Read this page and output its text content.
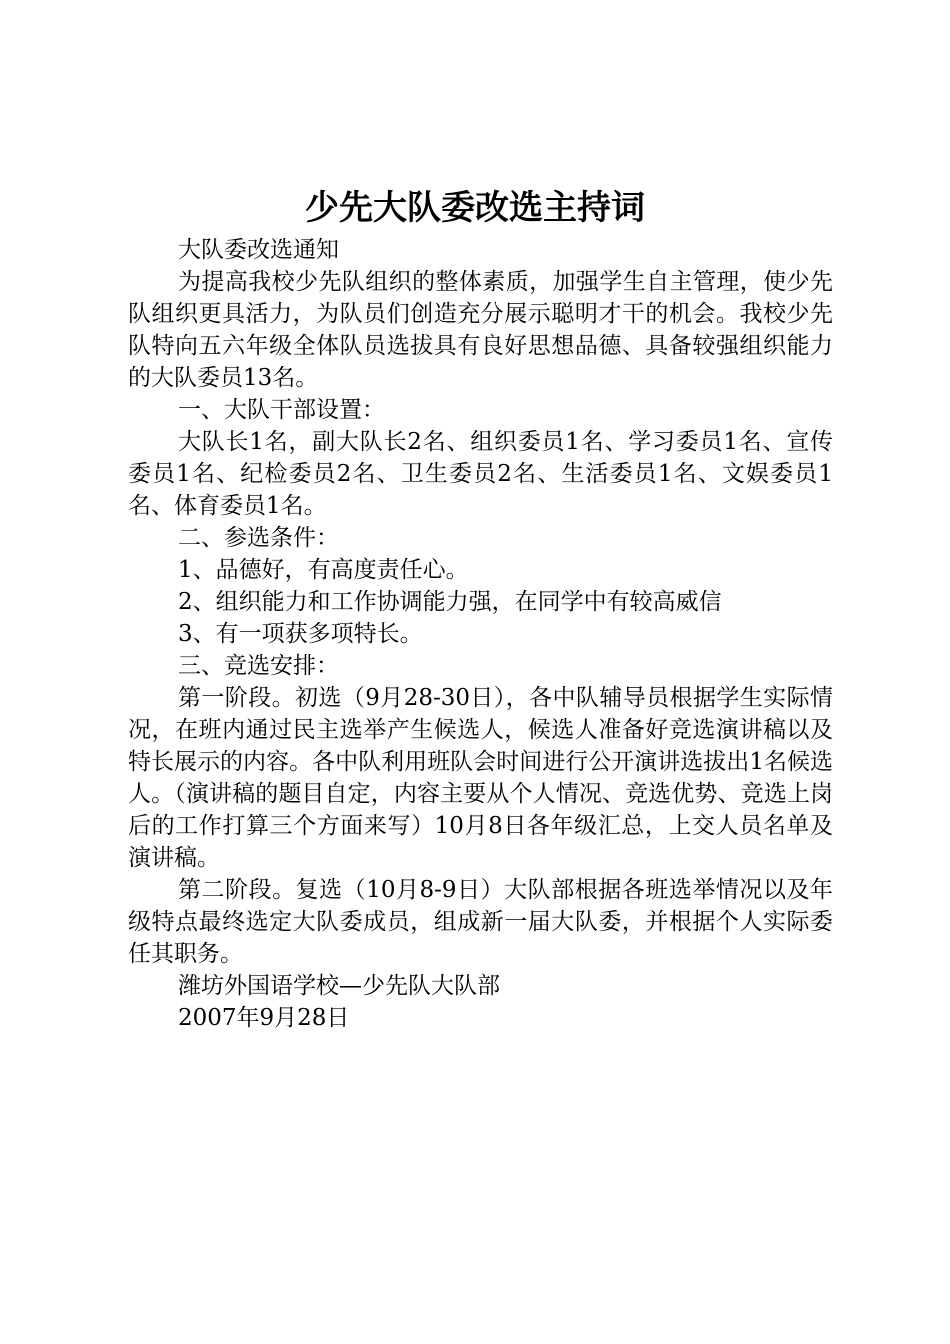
少先大队委改选主持词

大队委改选通知

为提高我校少先队组织的整体素质，加强学生自主管理，使少先队组织更具活力，为队员们创造充分展示聪明才干的机会。我校少先队特向五六年级全体队员选拔具有良好思想品德、具备较强组织能力的大队委员13名。

一、大队干部设置：

大队长1名，副大队长2名、组织委员1名、学习委员1名、宣传委员1名、纪检委员2名、卫生委员2名、生活委员1名、文娱委员1名、体育委员1名。

二、参选条件：

1、品德好，有高度责任心。

2、组织能力和工作协调能力强，在同学中有较高威信

3、有一项获多项特长。

三、竞选安排：

第一阶段。初选（9月28-30日），各中队辅导员根据学生实际情况，在班内通过民主选举产生候选人，候选人准备好竞选演讲稿以及特长展示的内容。各中队利用班队会时间进行公开演讲选拔出1名候选人。（演讲稿的题目自定，内容主要从个人情况、竞选优势、竞选上岗后的工作打算三个方面来写）10月8日各年级汇总，上交人员名单及演讲稿。

第二阶段。复选（10月8-9日）大队部根据各班选举情况以及年级特点最终选定大队委成员，组成新一届大队委，并根据个人实际委任其职务。

潍坊外国语学校—少先队大队部

2007年9月28日
